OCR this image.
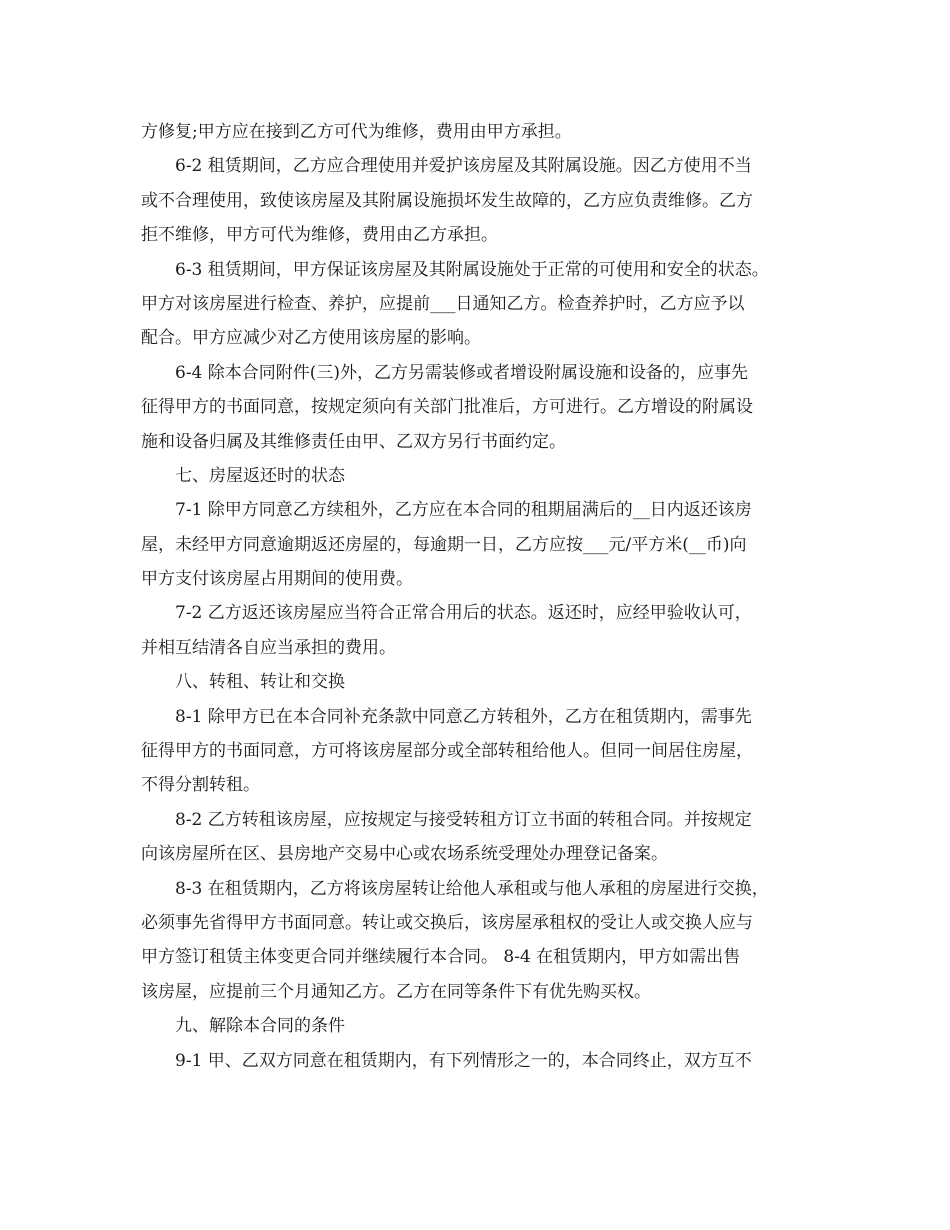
方修复;甲方应在接到乙方可代为维修，费用由甲方承担。
6-2 租赁期间，乙方应合理使用并爱护该房屋及其附属设施。因乙方使用不当
或不合理使用，致使该房屋及其附属设施损坏发生故障的，乙方应负责维修。乙方
拒不维修，甲方可代为维修，费用由乙方承担。
6-3 租赁期间，甲方保证该房屋及其附属设施处于正常的可使用和安全的状态。
甲方对该房屋进行检查、养护，应提前___日通知乙方。检查养护时，乙方应予以
配合。甲方应减少对乙方使用该房屋的影响。
6-4 除本合同附件(三)外，乙方另需装修或者增设附属设施和设备的，应事先
征得甲方的书面同意，按规定须向有关部门批准后，方可进行。乙方增设的附属设
施和设备归属及其维修责任由甲、乙双方另行书面约定。
七、房屋返还时的状态
7-1 除甲方同意乙方续租外，乙方应在本合同的租期届满后的__日内返还该房
屋，未经甲方同意逾期返还房屋的，每逾期一日，乙方应按___元/平方米(__币)向
甲方支付该房屋占用期间的使用费。
7-2 乙方返还该房屋应当符合正常合用后的状态。返还时，应经甲验收认可，
并相互结清各自应当承担的费用。
八、转租、转让和交换
8-1 除甲方已在本合同补充条款中同意乙方转租外，乙方在租赁期内，需事先
征得甲方的书面同意，方可将该房屋部分或全部转租给他人。但同一间居住房屋，
不得分割转租。
8-2 乙方转租该房屋，应按规定与接受转租方订立书面的转租合同。并按规定
向该房屋所在区、县房地产交易中心或农场系统受理处办理登记备案。
8-3 在租赁期内，乙方将该房屋转让给他人承租或与他人承租的房屋进行交换，
必须事先省得甲方书面同意。转让或交换后，该房屋承租权的受让人或交换人应与
甲方签订租赁主体变更合同并继续履行本合同。 8-4 在租赁期内，甲方如需出售
该房屋，应提前三个月通知乙方。乙方在同等条件下有优先购买权。
九、解除本合同的条件
9-1 甲、乙双方同意在租赁期内，有下列情形之一的，本合同终止，双方互不
